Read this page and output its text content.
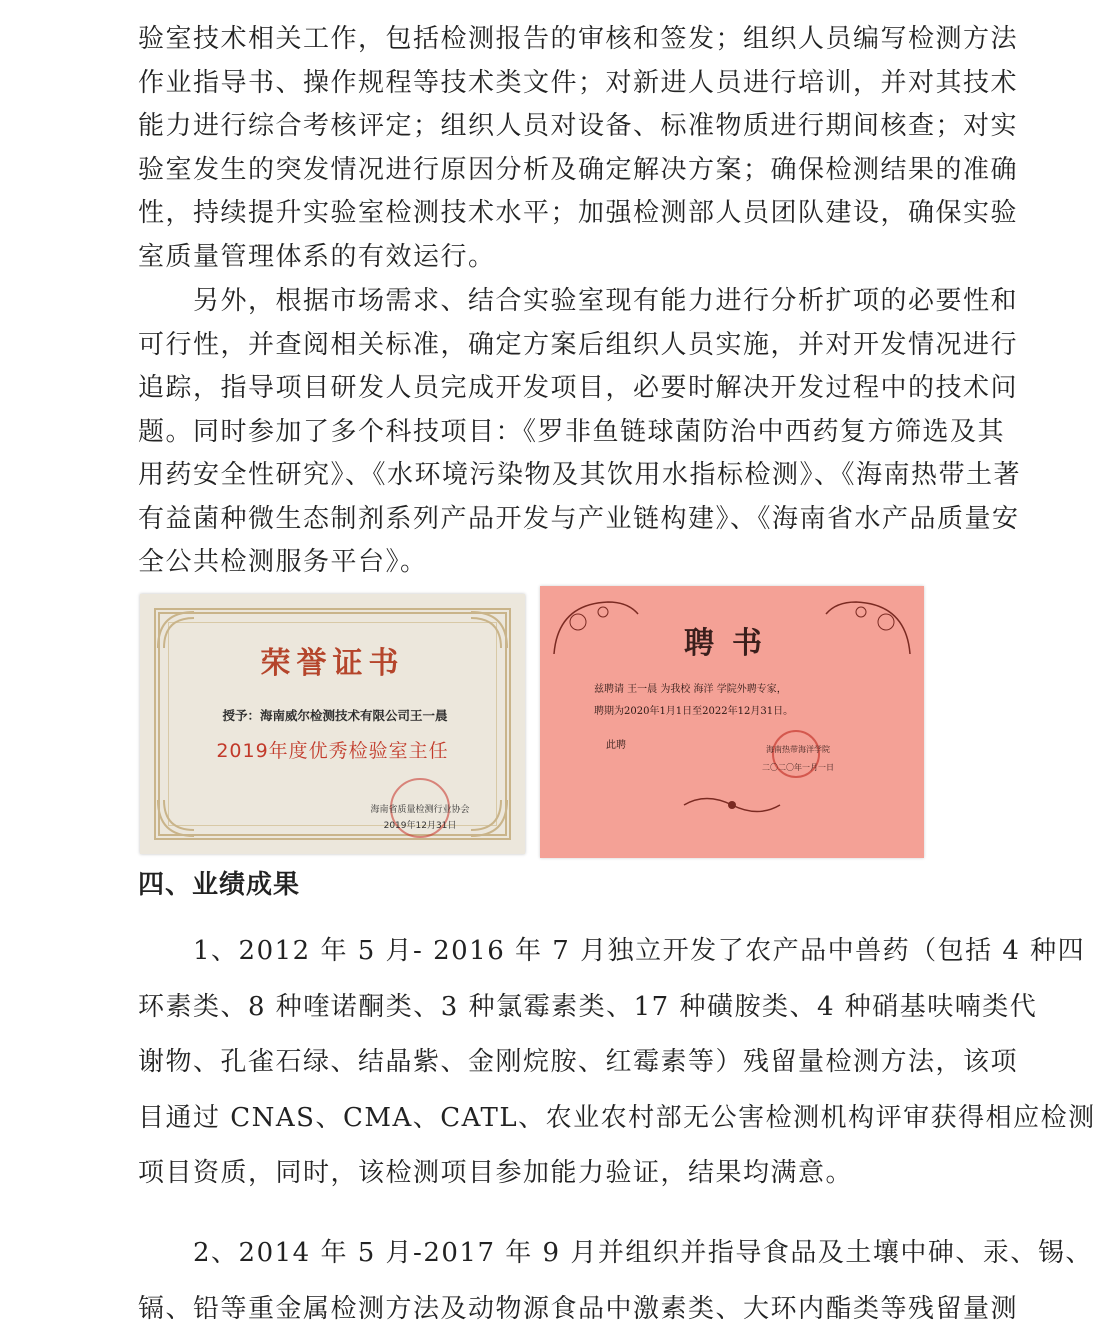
验室技术相关工作，包括检测报告的审核和签发；组织人员编写检测方法
作业指导书、操作规程等技术类文件；对新进人员进行培训，并对其技术
能力进行综合考核评定；组织人员对设备、标准物质进行期间核查；对实
验室发生的突发情况进行原因分析及确定解决方案；确保检测结果的准确
性，持续提升实验室检测技术水平；加强检测部人员团队建设，确保实验
室质量管理体系的有效运行。
　　另外，根据市场需求、结合实验室现有能力进行分析扩项的必要性和
可行性，并查阅相关标准，确定方案后组织人员实施，并对开发情况进行
追踪，指导项目研发人员完成开发项目，必要时解决开发过程中的技术问
题。同时参加了多个科技项目：《罗非鱼链球菌防治中西药复方筛选及其
用药安全性研究》、《水环境污染物及其饮用水指标检测》、《海南热带土著
有益菌种微生态制剂系列产品开发与产业链构建》、《海南省水产品质量安
全公共检测服务平台》。
荣誉证书
授予：海南威尔检测技术有限公司王一晨
2019年度优秀检验室主任
海南省质量检测行业协会
2019年12月31日
聘书
兹聘请 王一晨 为我校 海洋 学院外聘专家，
聘期为2020年1月1日至2022年12月31日。
此聘	海南热带海洋学院
二〇二〇年一月一日
四、业绩成果
　　1、2012 年 5 月- 2016 年 7 月独立开发了农产品中兽药（包括 4 种四
环素类、8 种喹诺酮类、3 种氯霉素类、17 种磺胺类、4 种硝基呋喃类代
谢物、孔雀石绿、结晶紫、金刚烷胺、红霉素等）残留量检测方法，该项
目通过 CNAS、CMA、CATL、农业农村部无公害检测机构评审获得相应检测
项目资质，同时，该检测项目参加能力验证，结果均满意。
　　2、2014 年 5 月-2017 年 9 月并组织并指导食品及土壤中砷、汞、锡、
镉、铅等重金属检测方法及动物源食品中激素类、大环内酯类等残留量测
